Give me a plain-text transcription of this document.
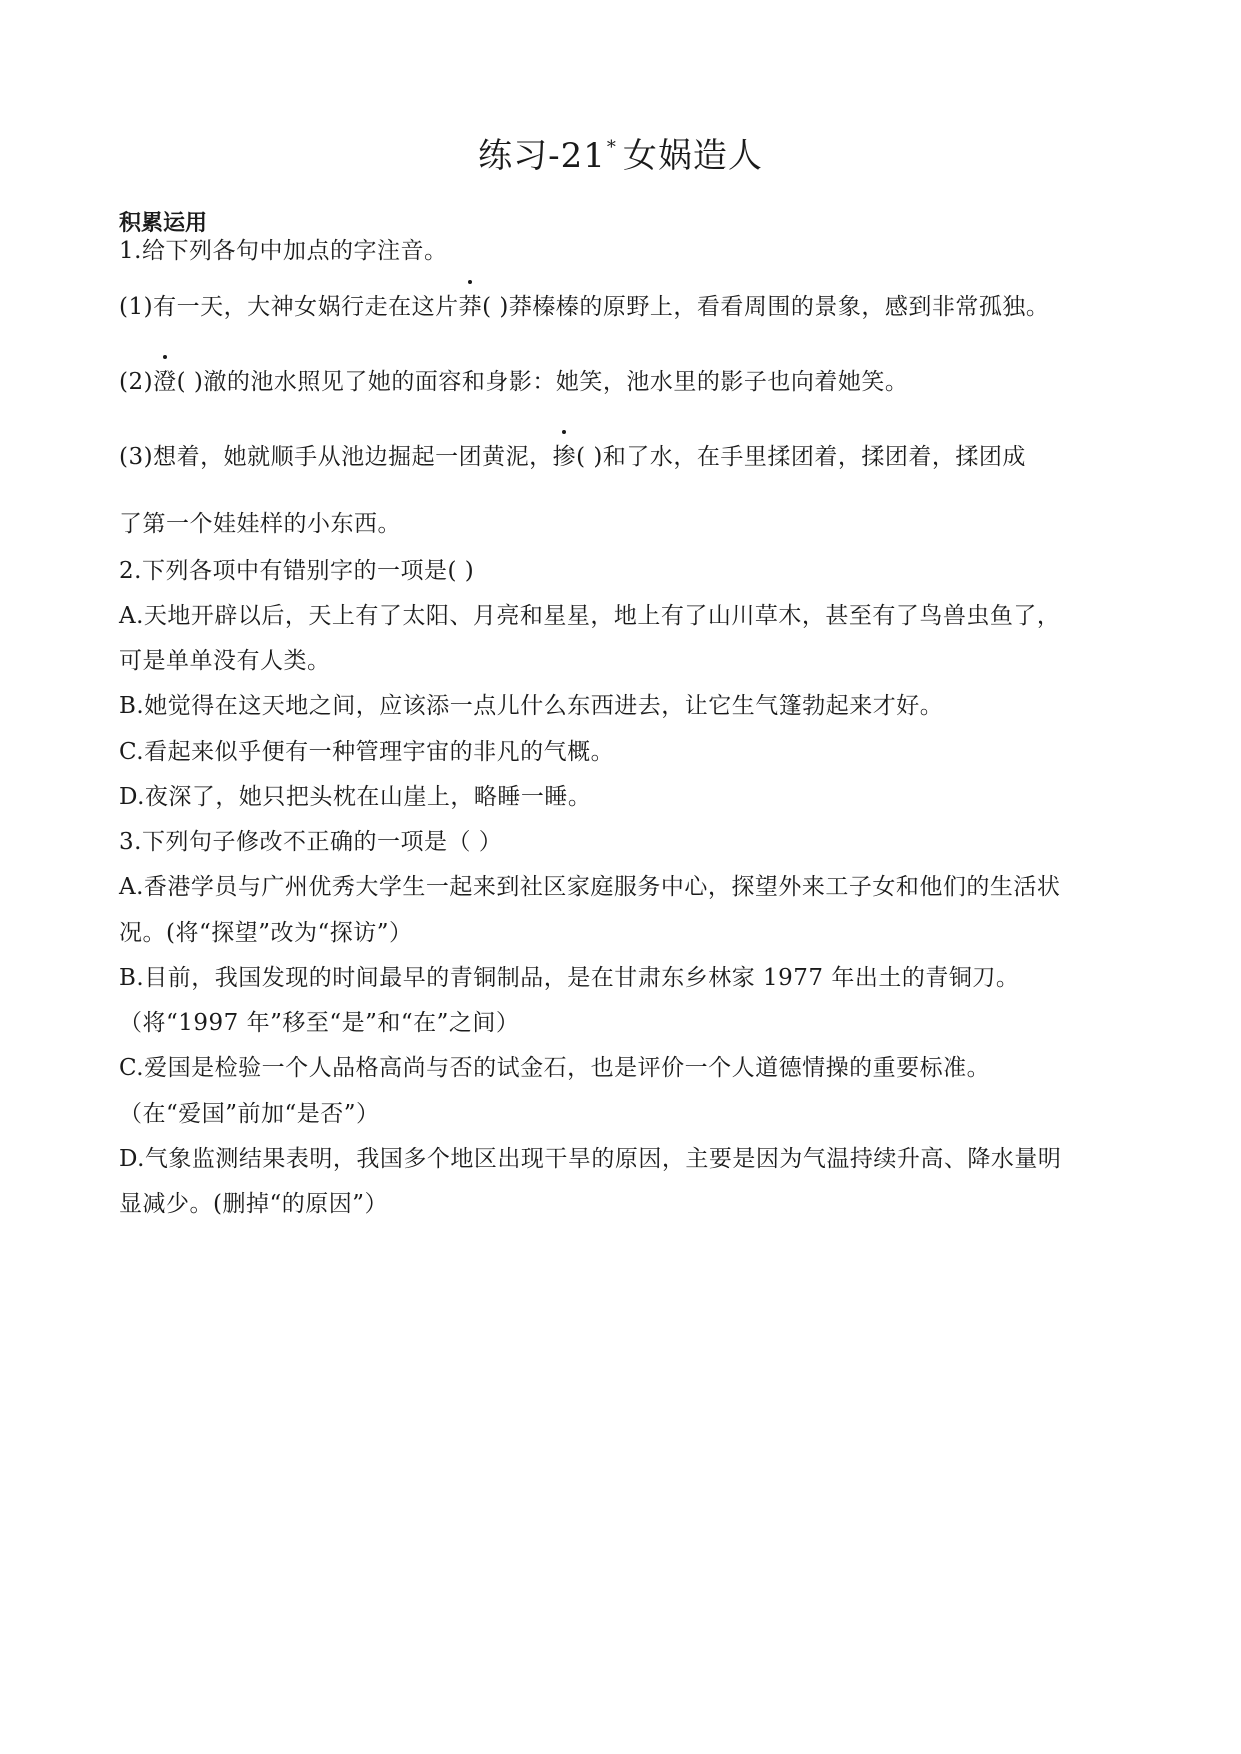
练习-21* 女娲造人
积累运用
1.给下列各句中加点的字注音。
(1)有一天，大神女娲行走在这片莽( )莽榛榛的原野上，看看周围的景象，感到非常孤独。
(2)澄( )澈的池水照见了她的面容和身影：她笑，池水里的影子也向着她笑。
(3)想着，她就顺手从池边掘起一团黄泥，掺( )和了水，在手里揉团着，揉团着，揉团成
了第一个娃娃样的小东西。
2.下列各项中有错别字的一项是( )
A.天地开辟以后，天上有了太阳、月亮和星星，地上有了山川草木，甚至有了鸟兽虫鱼了，
可是单单没有人类。
B.她觉得在这天地之间，应该添一点儿什么东西进去，让它生气篷勃起来才好。
C.看起来似乎便有一种管理宇宙的非凡的气概。
D.夜深了，她只把头枕在山崖上，略睡一睡。
3.下列句子修改不正确的一项是（ ）
A.香港学员与广州优秀大学生一起来到社区家庭服务中心，探望外来工子女和他们的生活状
况。(将“探望”改为“探访”）
B.目前，我国发现的时间最早的青铜制品，是在甘肃东乡林家 1977 年出土的青铜刀。
（将“1997 年”移至“是”和“在”之间）
C.爱国是检验一个人品格高尚与否的试金石，也是评价一个人道德情操的重要标准。
（在“爱国”前加“是否”）
D.气象监测结果表明，我国多个地区出现干旱的原因，主要是因为气温持续升高、降水量明
显减少。(删掉“的原因”）
